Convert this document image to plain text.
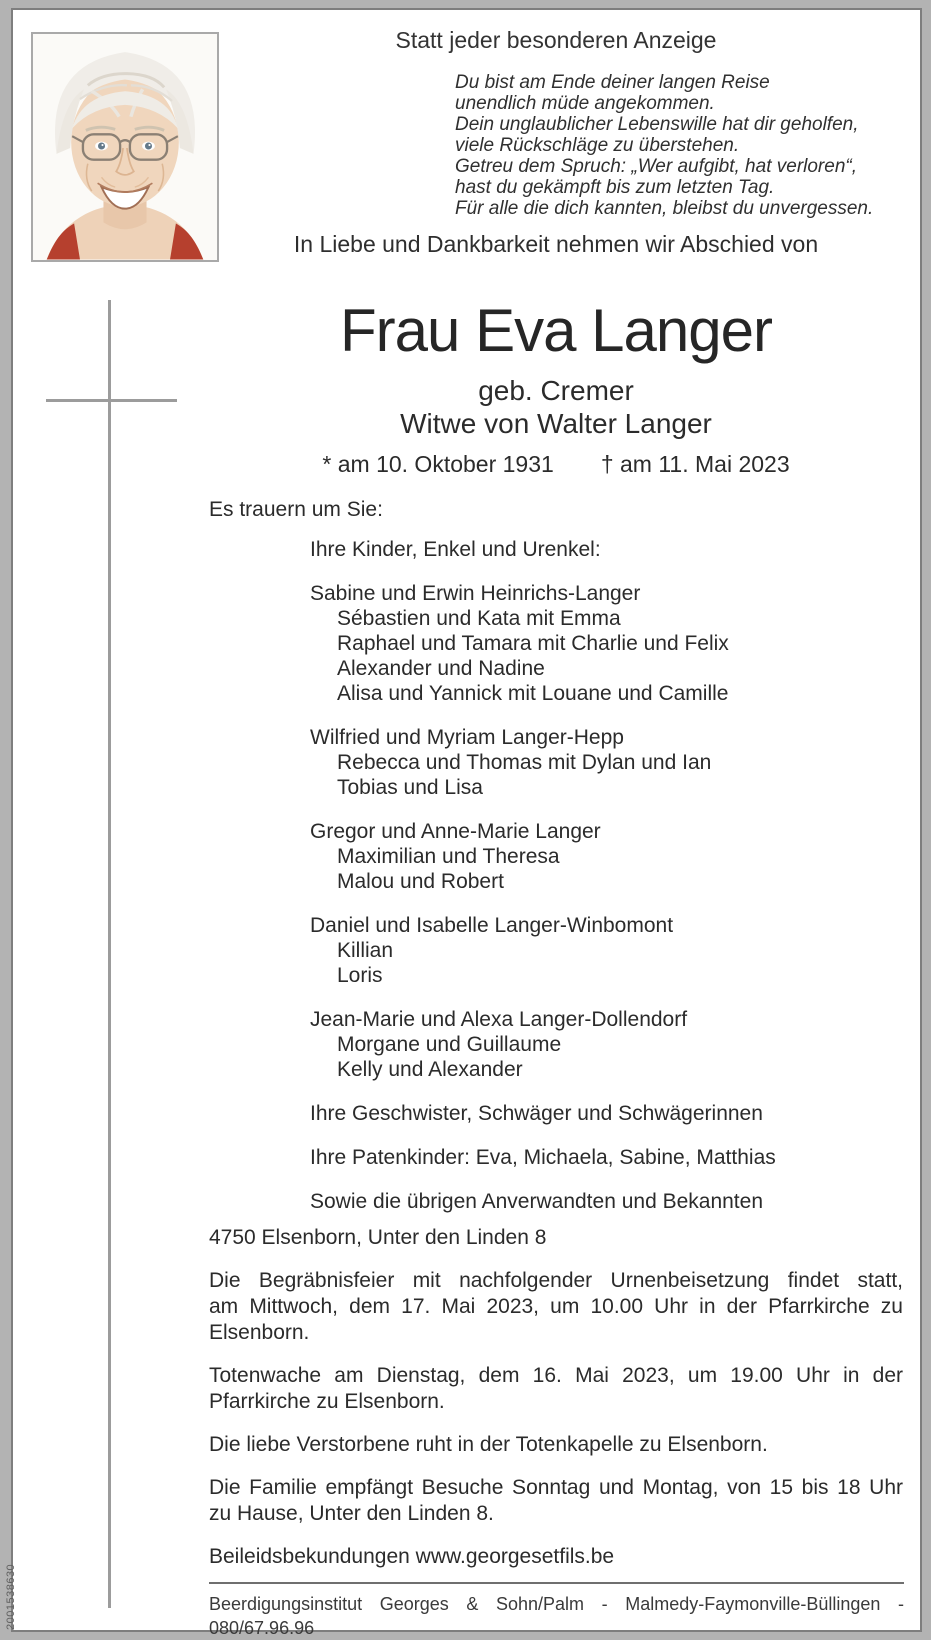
Statt jeder besonderen Anzeige
Du bist am Ende deiner langen Reise
unendlich müde angekommen.
Dein unglaublicher Lebenswille hat dir geholfen,
viele Rückschläge zu überstehen.
Getreu dem Spruch: „Wer aufgibt, hat verloren“,
hast du gekämpft bis zum letzten Tag.
Für alle die dich kannten, bleibst du unvergessen.
In Liebe und Dankbarkeit nehmen wir Abschied von
Frau Eva Langer
geb. Cremer
Witwe von Walter Langer
* am 10. Oktober 1931 † am 11. Mai 2023
Es trauern um Sie:
Ihre Kinder, Enkel und Urenkel:
Sabine und Erwin Heinrichs-Langer
Sébastien und Kata mit Emma
Raphael und Tamara mit Charlie und Felix
Alexander und Nadine
Alisa und Yannick mit Louane und Camille
Wilfried und Myriam Langer-Hepp
Rebecca und Thomas mit Dylan und Ian
Tobias und Lisa
Gregor und Anne-Marie Langer
Maximilian und Theresa
Malou und Robert
Daniel und Isabelle Langer-Winbomont
Killian
Loris
Jean-Marie und Alexa Langer-Dollendorf
Morgane und Guillaume
Kelly und Alexander
Ihre Geschwister, Schwäger und Schwägerinnen
Ihre Patenkinder: Eva, Michaela, Sabine, Matthias
Sowie die übrigen Anverwandten und Bekannten
4750 Elsenborn, Unter den Linden 8
Die Begräbnisfeier mit nachfolgender Urnenbeisetzung findet statt,
am Mittwoch, dem 17. Mai 2023, um 10.00 Uhr in der Pfarrkirche zu
Elsenborn.
Totenwache am Dienstag, dem 16. Mai 2023, um 19.00 Uhr in der
Pfarrkirche zu Elsenborn.
Die liebe Verstorbene ruht in der Totenkapelle zu Elsenborn.
Die Familie empfängt Besuche Sonntag und Montag, von 15 bis 18 Uhr
zu Hause, Unter den Linden 8.
Beileidsbekundungen www.georgesetfils.be
Beerdigungsinstitut Georges & Sohn/Palm - Malmedy-Faymonville-Büllingen - 080/67.96.96
2001538630
